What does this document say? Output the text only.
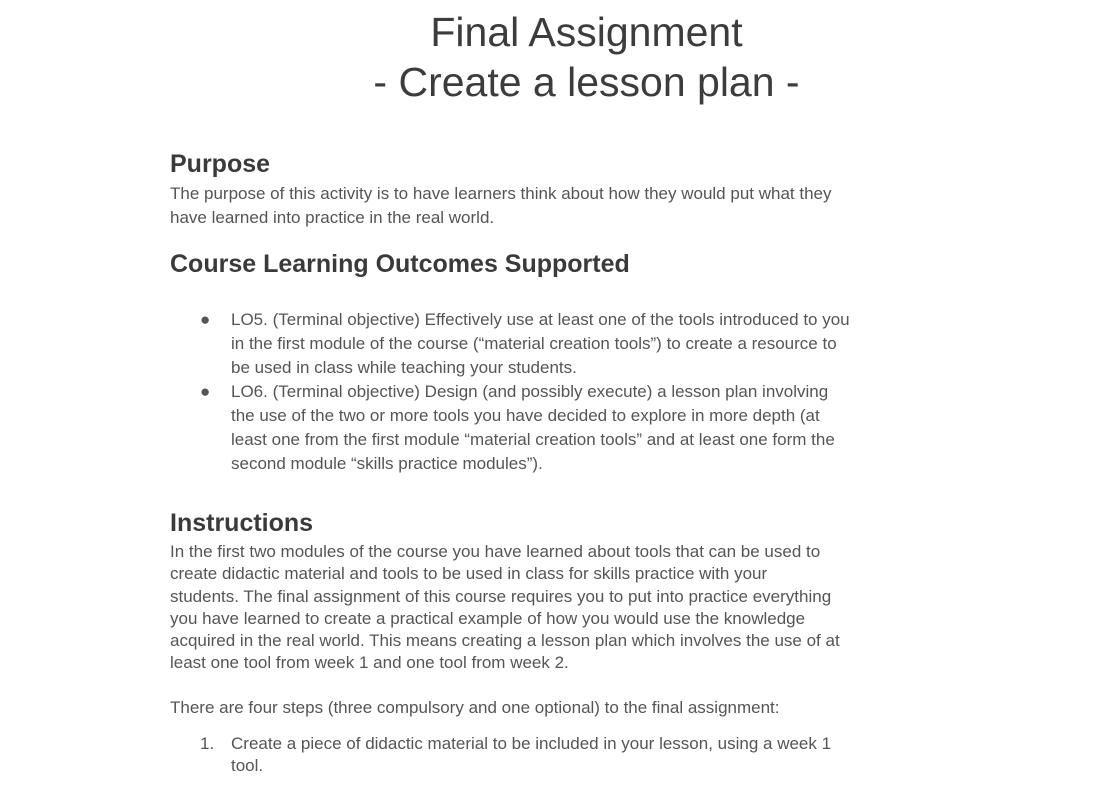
Final Assignment
- Create a lesson plan -
Purpose
The purpose of this activity is to have learners think about how they would put what they
have learned into practice in the real world.
Course Learning Outcomes Supported
● LO5. (Terminal objective) Effectively use at least one of the tools introduced to you
in the first module of the course (“material creation tools”) to create a resource to
be used in class while teaching your students.
● LO6. (Terminal objective) Design (and possibly execute) a lesson plan involving
the use of the two or more tools you have decided to explore in more depth (at
least one from the first module “material creation tools” and at least one form the
second module “skills practice modules”).
Instructions
In the first two modules of the course you have learned about tools that can be used to
create didactic material and tools to be used in class for skills practice with your
students. The final assignment of this course requires you to put into practice everything
you have learned to create a practical example of how you would use the knowledge
acquired in the real world. This means creating a lesson plan which involves the use of at
least one tool from week 1 and one tool from week 2.
There are four steps (three compulsory and one optional) to the final assignment:
1. Create a piece of didactic material to be included in your lesson, using a week 1
tool.
